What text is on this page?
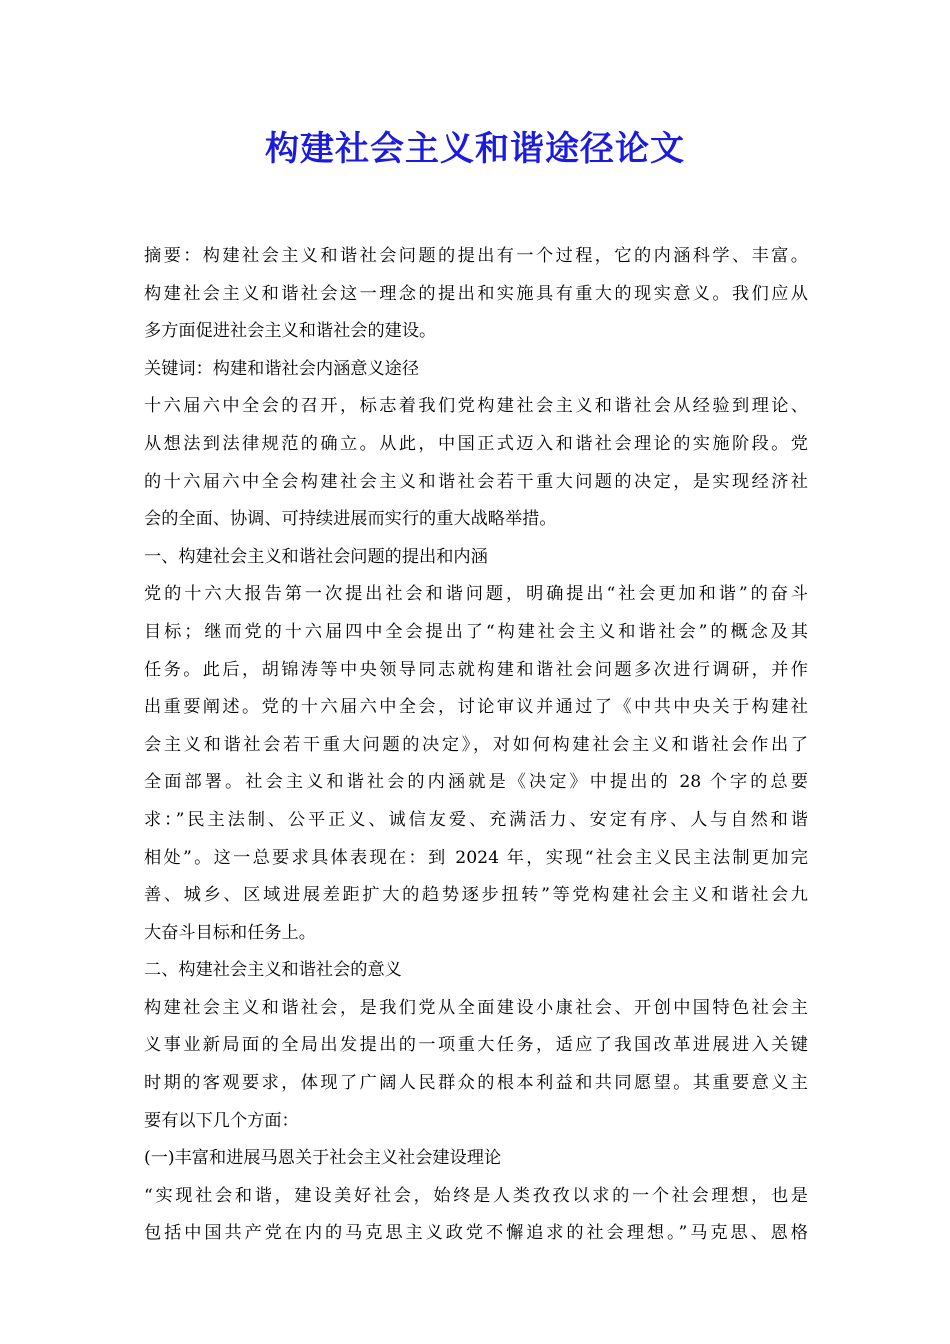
构建社会主义和谐途径论文
摘要：构建社会主义和谐社会问题的提出有一个过程，它的内涵科学、丰富。
构建社会主义和谐社会这一理念的提出和实施具有重大的现实意义。我们应从
多方面促进社会主义和谐社会的建设。
关键词：构建和谐社会内涵意义途径
十六届六中全会的召开，标志着我们党构建社会主义和谐社会从经验到理论、
从想法到法律规范的确立。从此，中国正式迈入和谐社会理论的实施阶段。党
的十六届六中全会构建社会主义和谐社会若干重大问题的决定，是实现经济社
会的全面、协调、可持续进展而实行的重大战略举措。
一、构建社会主义和谐社会问题的提出和内涵
党的十六大报告第一次提出社会和谐问题，明确提出“社会更加和谐”的奋斗
目标；继而党的十六届四中全会提出了“构建社会主义和谐社会”的概念及其
任务。此后，胡锦涛等中央领导同志就构建和谐社会问题多次进行调研，并作
出重要阐述。党的十六届六中全会，讨论审议并通过了《中共中央关于构建社
会主义和谐社会若干重大问题的决定》，对如何构建社会主义和谐社会作出了
全面部署。社会主义和谐社会的内涵就是《决定》中提出的 28 个字的总要
求：”民主法制、公平正义、诚信友爱、充满活力、安定有序、人与自然和谐
相处”。这一总要求具体表现在：到 2024 年，实现“社会主义民主法制更加完
善、城乡、区域进展差距扩大的趋势逐步扭转”等党构建社会主义和谐社会九
大奋斗目标和任务上。
二、构建社会主义和谐社会的意义
构建社会主义和谐社会，是我们党从全面建设小康社会、开创中国特色社会主
义事业新局面的全局出发提出的一项重大任务，适应了我国改革进展进入关键
时期的客观要求，体现了广阔人民群众的根本利益和共同愿望。其重要意义主
要有以下几个方面：
(一)丰富和进展马恩关于社会主义社会建设理论
“实现社会和谐，建设美好社会，始终是人类孜孜以求的一个社会理想，也是
包括中国共产党在内的马克思主义政党不懈追求的社会理想。”马克思、恩格
